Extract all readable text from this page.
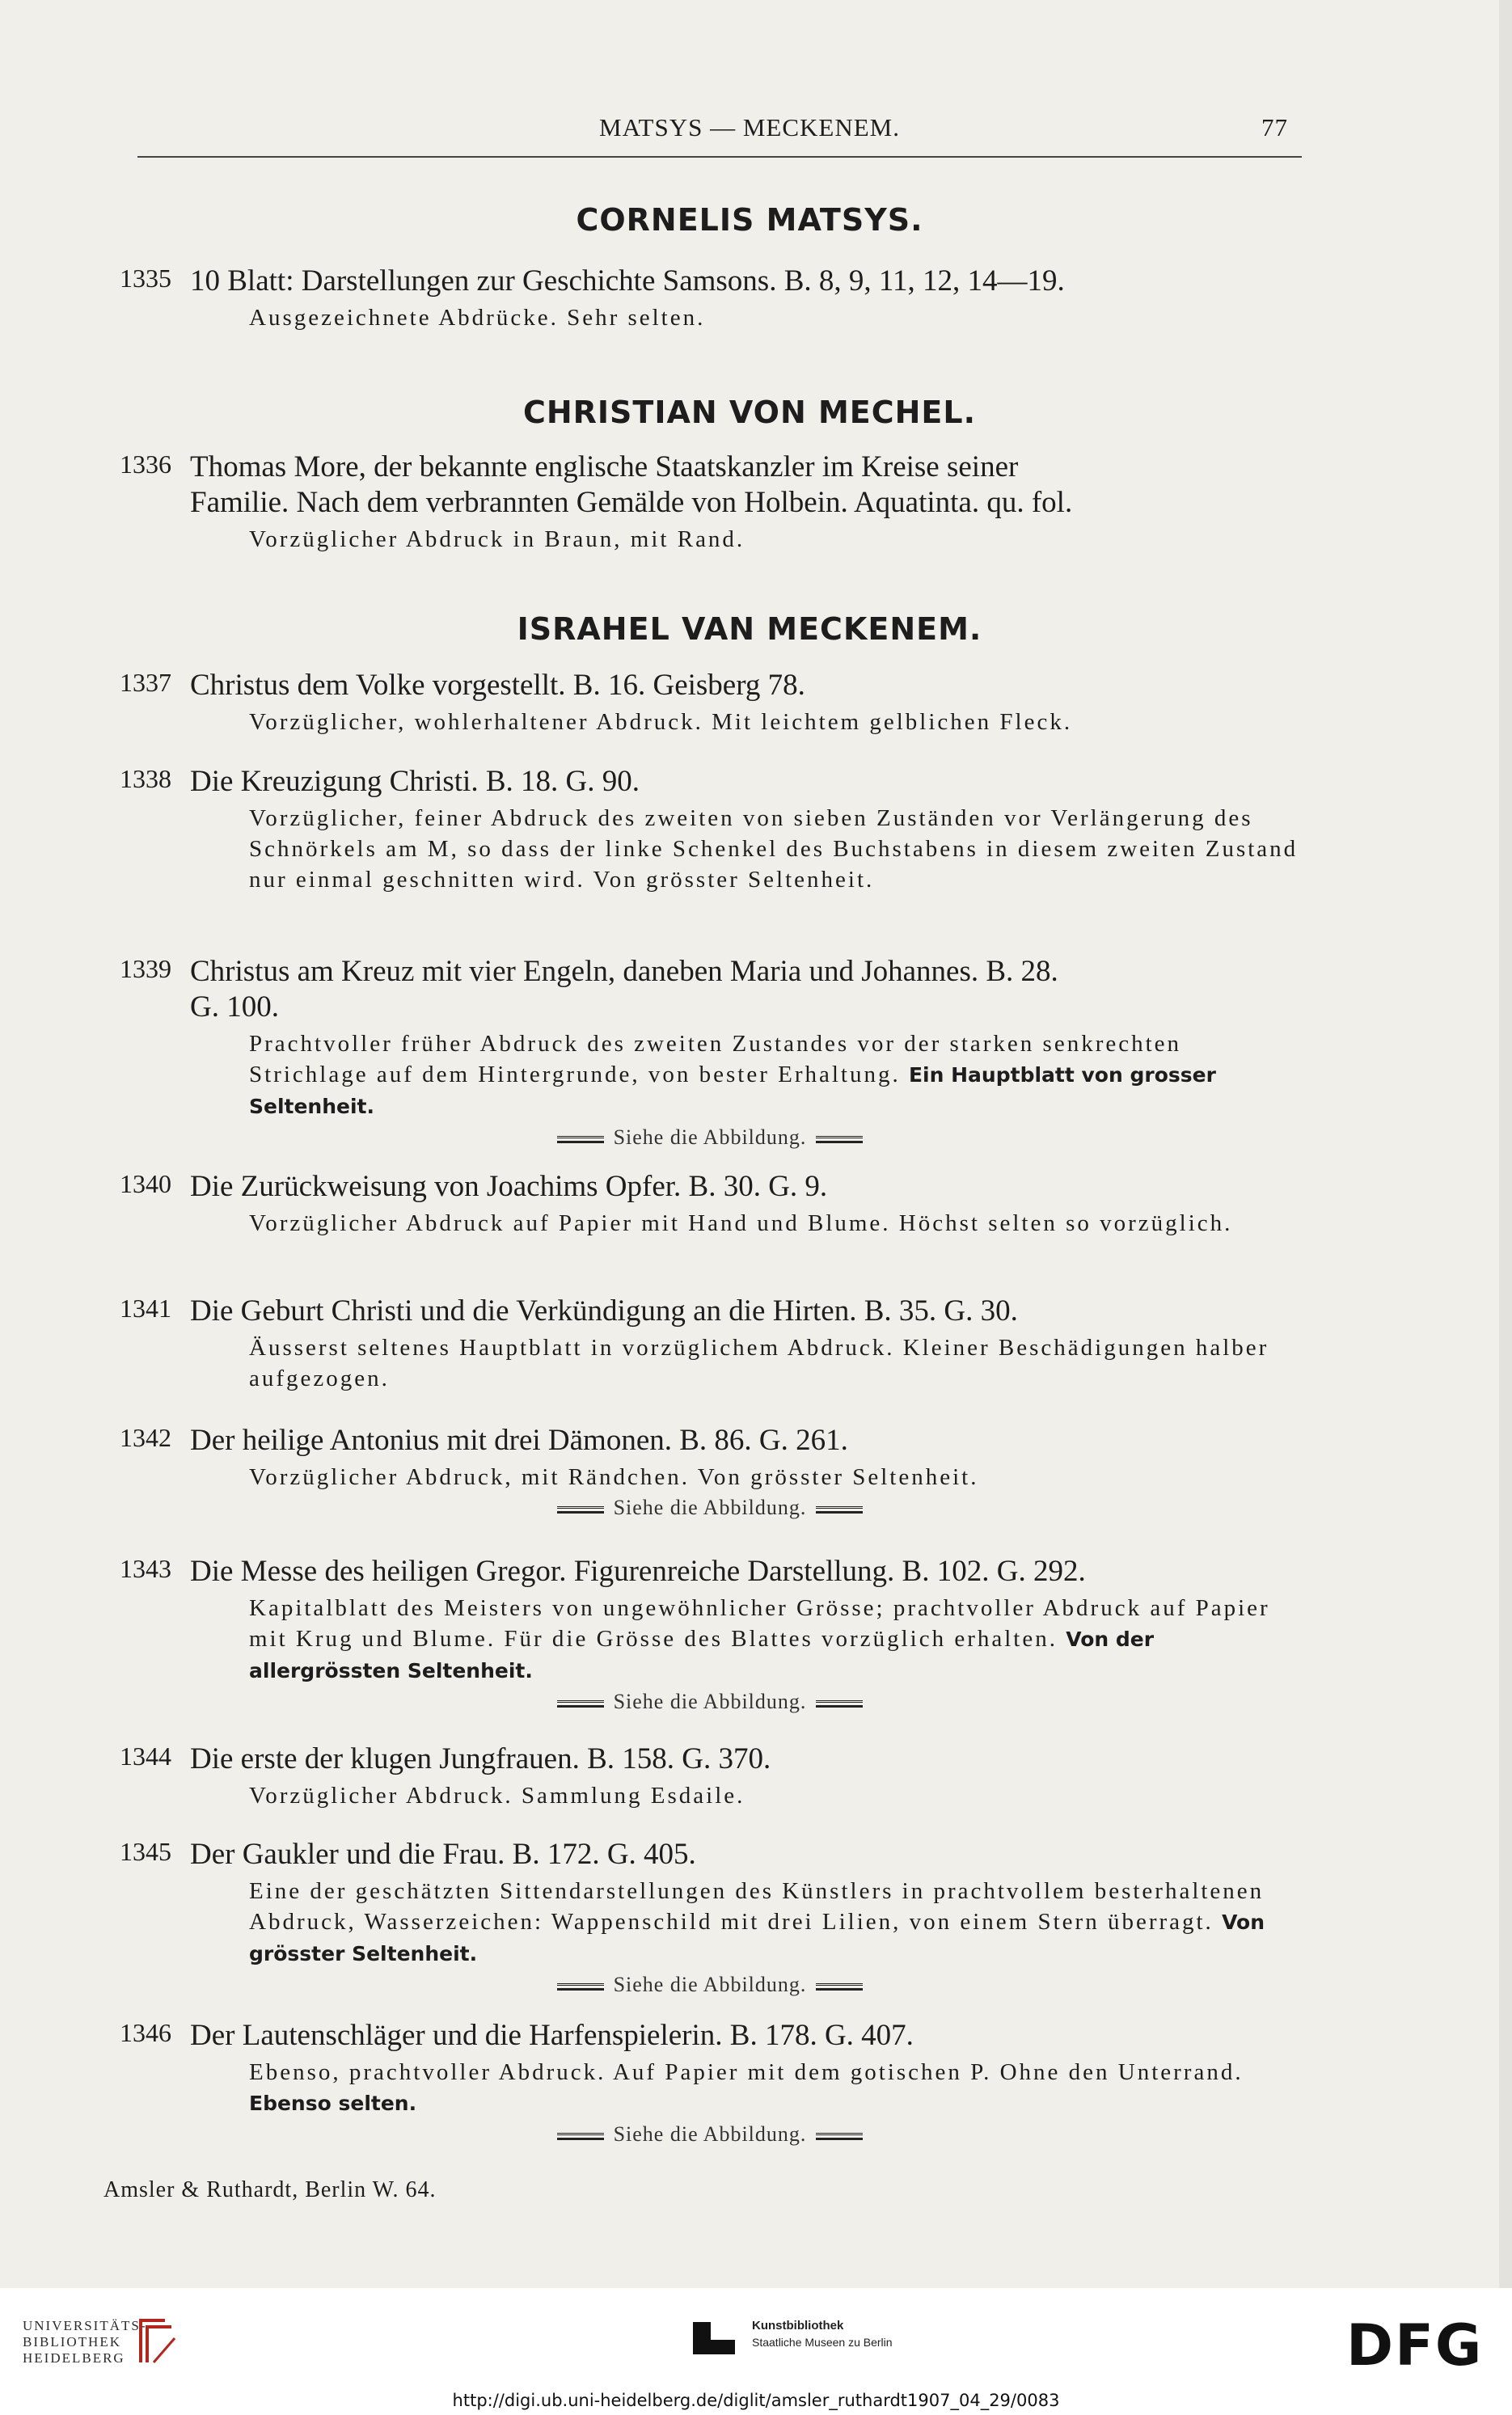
MATSYS — MECKENEM.	77
CORNELIS MATSYS.
1335 10 Blatt: Darstellungen zur Geschichte Samsons. B. 8, 9, 11, 12, 14—19.
Ausgezeichnete Abdrücke. Sehr selten.
CHRISTIAN VON MECHEL.
1336 Thomas More, der bekannte englische Staatskanzler im Kreise seiner
Familie. Nach dem verbrannten Gemälde von Holbein. Aquatinta. qu. fol.
Vorzüglicher Abdruck in Braun, mit Rand.
ISRAHEL VAN MECKENEM.
1337 Christus dem Volke vorgestellt. B. 16. Geisberg 78.
Vorzüglicher, wohlerhaltener Abdruck. Mit leichtem gelblichen Fleck.
1338 Die Kreuzigung Christi. B. 18. G. 90.
Vorzüglicher, feiner Abdruck des zweiten von sieben Zuständen vor Verlängerung des Schnörkels am M, so dass der linke Schenkel des Buchstabens in diesem zweiten Zustand nur einmal geschnitten wird. Von grösster Seltenheit.
1339 Christus am Kreuz mit vier Engeln, daneben Maria und Johannes. B. 28.
G. 100.
Prachtvoller früher Abdruck des zweiten Zustandes vor der starken senkrechten Strichlage auf dem Hintergrunde, von bester Erhaltung. Ein Hauptblatt von grosser Seltenheit.
Siehe die Abbildung.
1340 Die Zurückweisung von Joachims Opfer. B. 30. G. 9.
Vorzüglicher Abdruck auf Papier mit Hand und Blume. Höchst selten so vorzüglich.
1341 Die Geburt Christi und die Verkündigung an die Hirten. B. 35. G. 30.
Äusserst seltenes Hauptblatt in vorzüglichem Abdruck. Kleiner Beschädigungen halber aufgezogen.
1342 Der heilige Antonius mit drei Dämonen. B. 86. G. 261.
Vorzüglicher Abdruck, mit Rändchen. Von grösster Seltenheit.
Siehe die Abbildung.
1343 Die Messe des heiligen Gregor. Figurenreiche Darstellung. B. 102. G. 292.
Kapitalblatt des Meisters von ungewöhnlicher Grösse; prachtvoller Abdruck auf Papier mit Krug und Blume. Für die Grösse des Blattes vorzüglich erhalten. Von der allergrössten Seltenheit.
Siehe die Abbildung.
1344 Die erste der klugen Jungfrauen. B. 158. G. 370.
Vorzüglicher Abdruck. Sammlung Esdaile.
1345 Der Gaukler und die Frau. B. 172. G. 405.
Eine der geschätzten Sittendarstellungen des Künstlers in prachtvollem besterhaltenen Abdruck, Wasserzeichen: Wappenschild mit drei Lilien, von einem Stern überragt. Von grösster Seltenheit.
Siehe die Abbildung.
1346 Der Lautenschläger und die Harfenspielerin. B. 178. G. 407.
Ebenso, prachtvoller Abdruck. Auf Papier mit dem gotischen P. Ohne den Unterrand. Ebenso selten.
Siehe die Abbildung.
Amsler & Ruthardt, Berlin W. 64.
UNIVERSITÄTS-
BIBLIOTHEK
HEIDELBERG
Kunstbibliothek
Staatliche Museen zu Berlin	DFG
http://digi.ub.uni-heidelberg.de/diglit/amsler_ruthardt1907_04_29/0083
